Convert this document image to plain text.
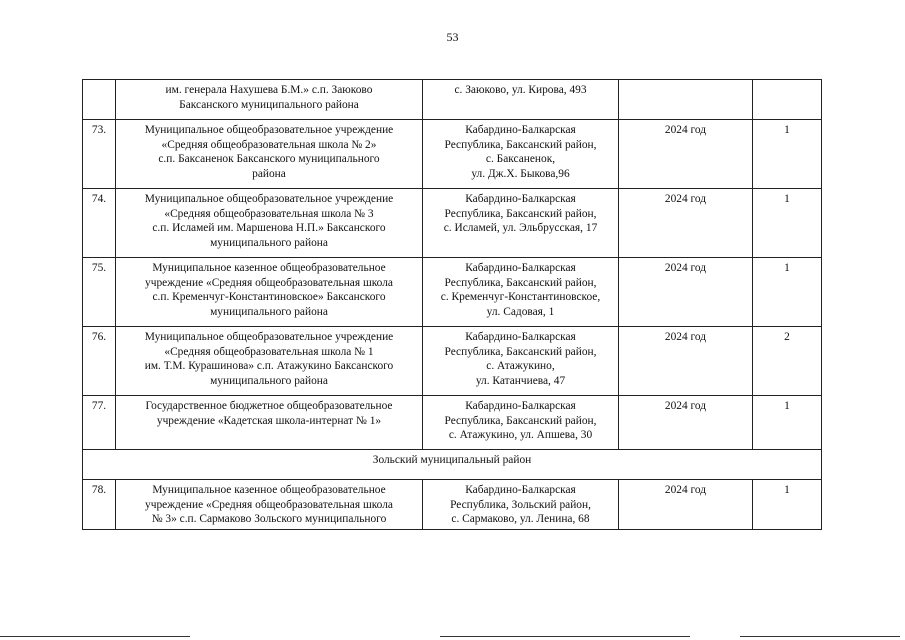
53

	им. генерала Нахушева Б.М.» с.п. Заюково
Баксанского муниципального района	с. Заюково, ул. Кирова, 493		

73.	Муниципальное общеобразовательное учреждение
«Средняя общеобразовательная школа № 2»
с.п. Баксаненок Баксанского муниципального
района	Кабардино-Балкарская
Республика, Баксанский район,
с. Баксаненок,
ул. Дж.Х. Быкова,96	2024 год	1

74.	Муниципальное общеобразовательное учреждение
«Средняя общеобразовательная школа № 3
с.п. Исламей им. Маршенова Н.П.» Баксанского
муниципального района	Кабардино-Балкарская
Республика, Баксанский район,
с. Исламей, ул. Эльбрусская, 17	2024 год	1

75.	Муниципальное казенное общеобразовательное
учреждение «Средняя общеобразовательная школа
с.п. Кременчуг-Константиновское» Баксанского
муниципального района	Кабардино-Балкарская
Республика, Баксанский район,
с. Кременчуг-Константиновское,
ул. Садовая, 1	2024 год	1

76.	Муниципальное общеобразовательное учреждение
«Средняя общеобразовательная школа № 1
им. Т.М. Курашинова» с.п. Атажукино Баксанского
муниципального района	Кабардино-Балкарская
Республика, Баксанский район,
с. Атажукино,
ул. Катанчиева, 47	2024 год	2

77.	Государственное бюджетное общеобразовательное
учреждение «Кадетская школа-интернат № 1»	Кабардино-Балкарская
Республика, Баксанский район,
с. Атажукино, ул. Апшева, 30	2024 год	1

Зольский муниципальный район				

78.	Муниципальное казенное общеобразовательное
учреждение «Средняя общеобразовательная школа
№ 3» с.п. Сармаково Зольского муниципального	Кабардино-Балкарская
Республика, Зольский район,
с. Сармаково, ул. Ленина, 68	2024 год	1
